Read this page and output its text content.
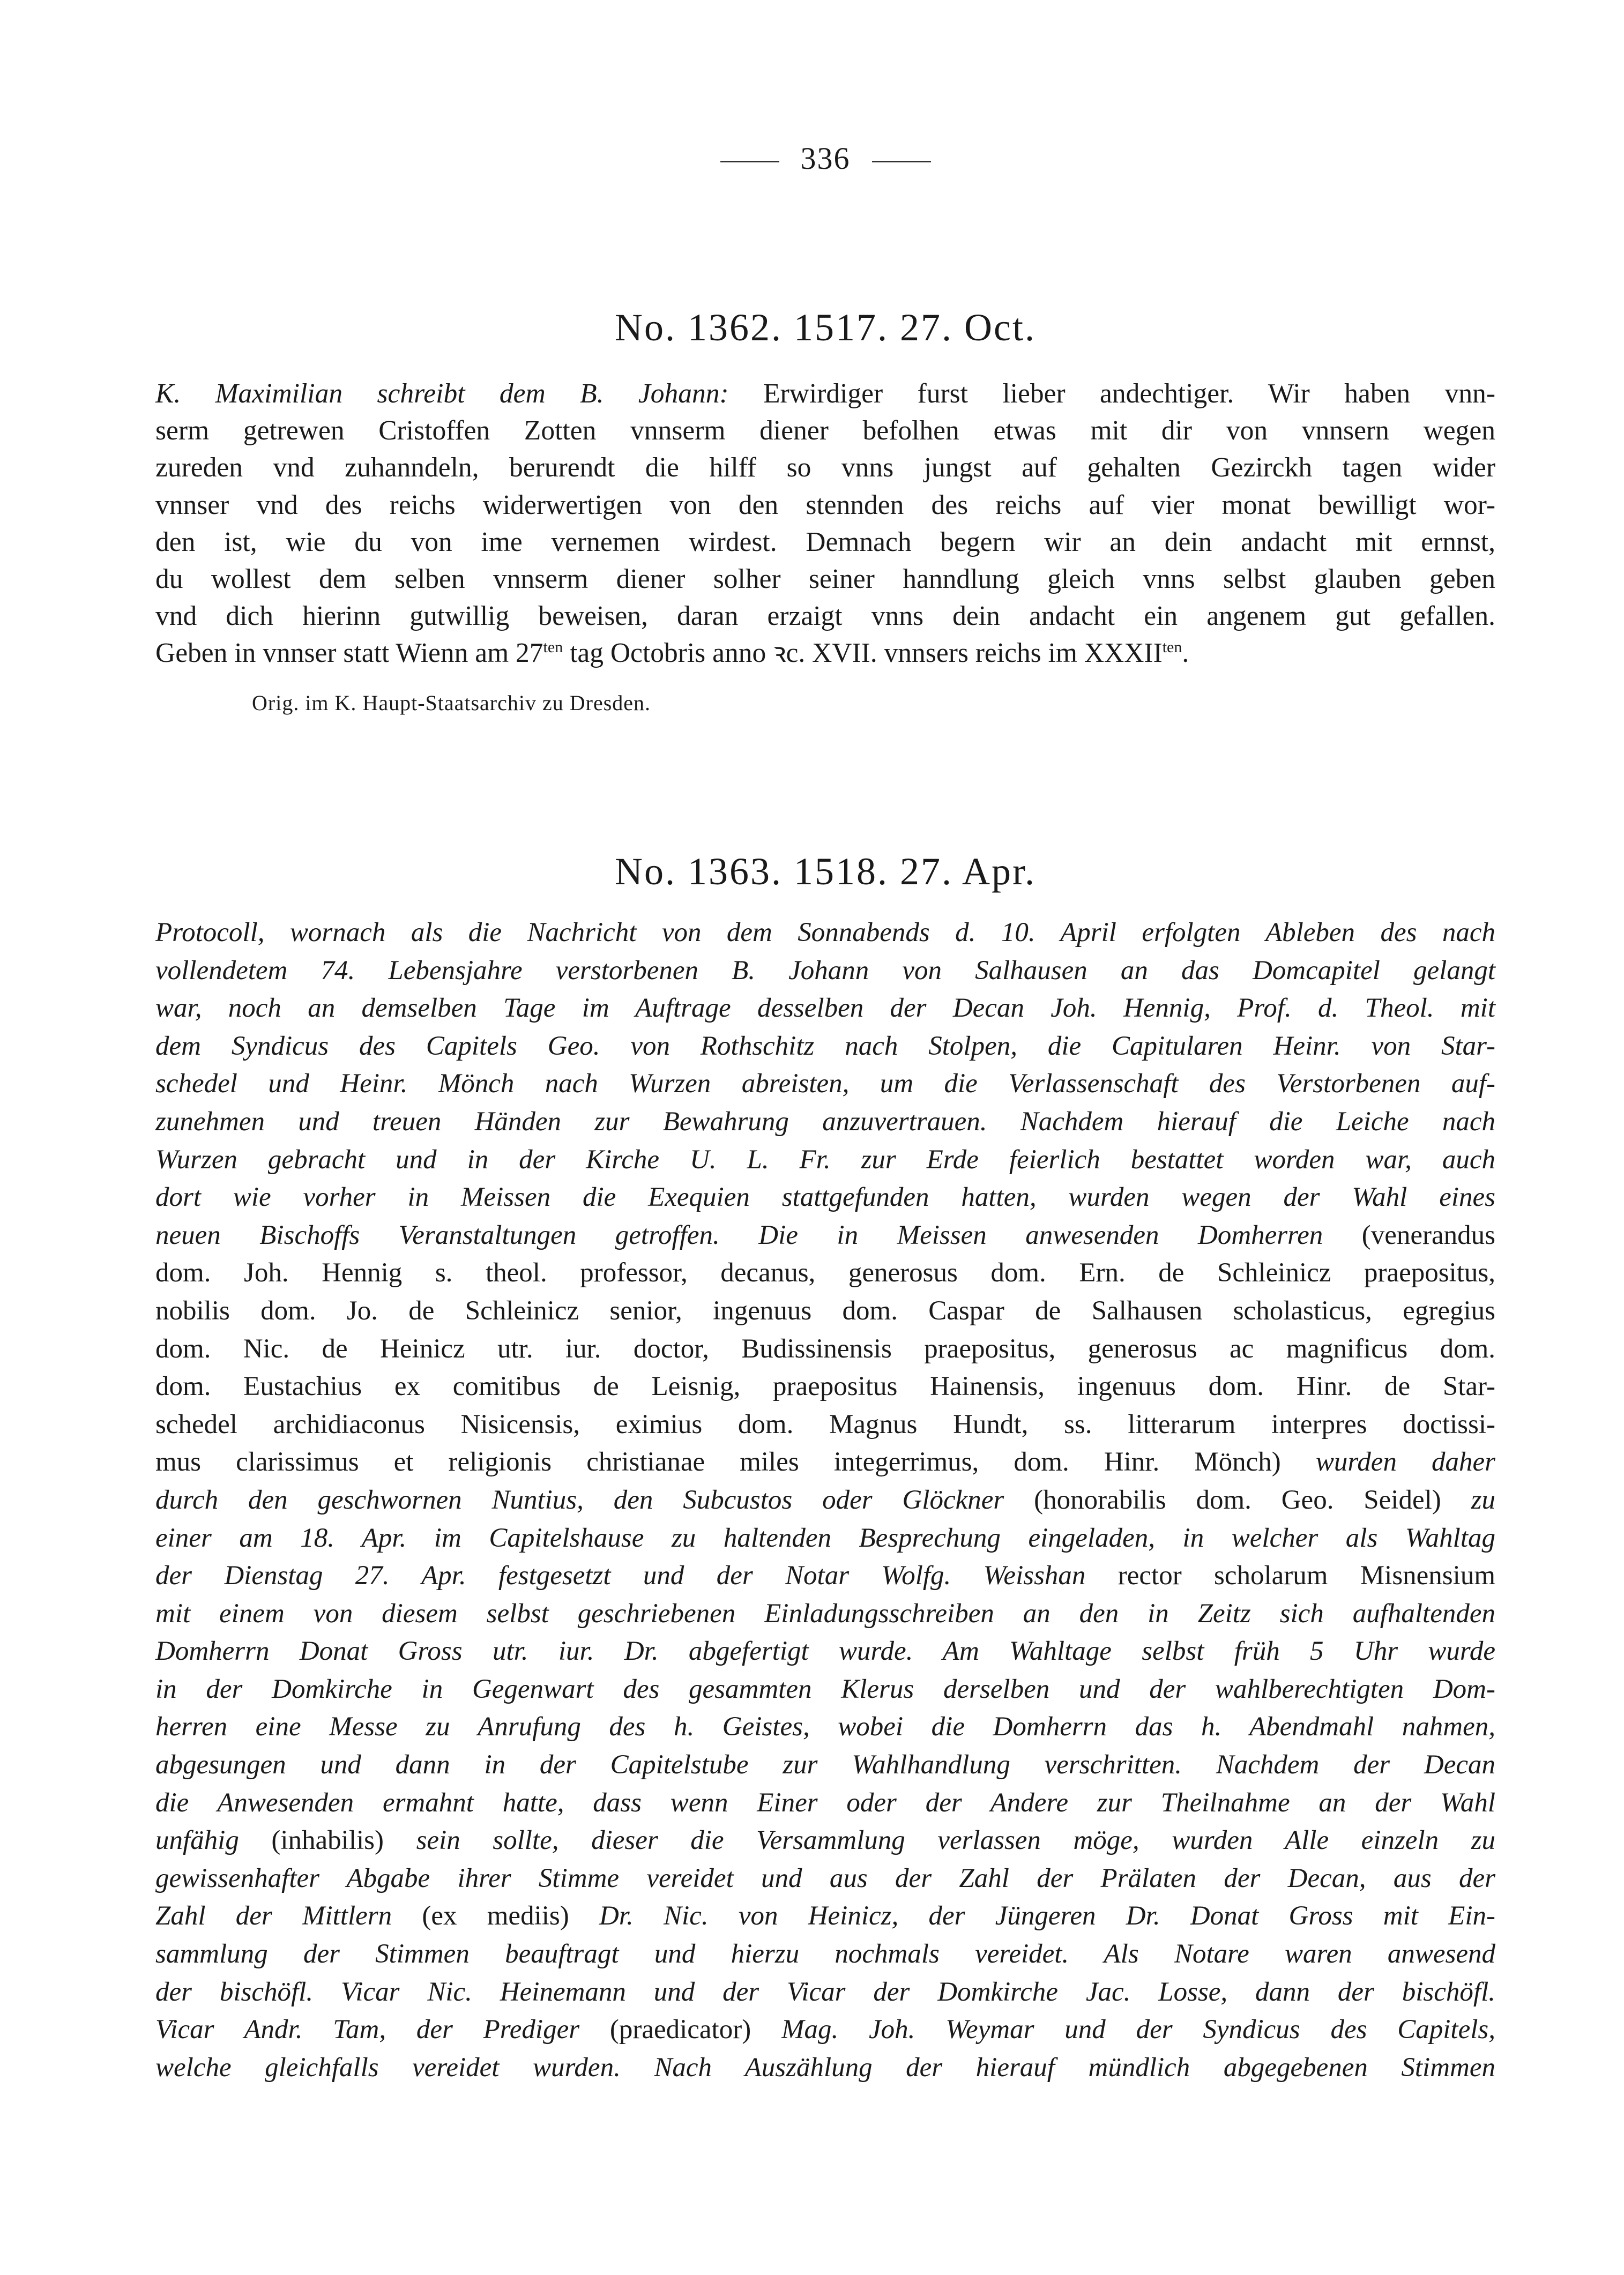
336
No. 1362. 1517. 27. Oct.
K. Maximilian schreibt dem B. Johann: Erwirdiger furst lieber andechtiger. Wir haben vnn-
serm getrewen Cristoffen Zotten vnnserm diener befolhen etwas mit dir von vnnsern wegen
zureden vnd zuhanndeln, berurendt die hilff so vnns jungst auf gehalten Gezirckh tagen wider
vnnser vnd des reichs widerwertigen von den stennden des reichs auf vier monat bewilligt wor-
den ist, wie du von ime vernemen wirdest. Demnach begern wir an dein andacht mit ernnst,
du wollest dem selben vnnserm diener solher seiner hanndlung gleich vnns selbst glauben geben
vnd dich hierinn gutwillig beweisen, daran erzaigt vnns dein andacht ein angenem gut gefallen.
Geben in vnnser statt Wienn am $27^{ten}$ tag Octobris anno ꝛc. XVII. vnnsers reichs im $XXXII^{ten}$.
Orig. im K. Haupt-Staatsarchiv zu Dresden.
No. 1363. 1518. 27. Apr.
Protocoll, wornach als die Nachricht von dem Sonnabends d. 10. April erfolgten Ableben des nach
vollendetem 74. Lebensjahre verstorbenen B. Johann von Salhausen an das Domcapitel gelangt
war, noch an demselben Tage im Auftrage desselben der Decan Joh. Hennig, Prof. d. Theol. mit
dem Syndicus des Capitels Geo. von Rothschitz nach Stolpen, die Capitularen Heinr. von Star-
schedel und Heinr. Mönch nach Wurzen abreisten, um die Verlassenschaft des Verstorbenen auf-
zunehmen und treuen Händen zur Bewahrung anzuvertrauen. Nachdem hierauf die Leiche nach
Wurzen gebracht und in der Kirche U. L. Fr. zur Erde feierlich bestattet worden war, auch
dort wie vorher in Meissen die Exequien stattgefunden hatten, wurden wegen der Wahl eines
neuen Bischoffs Veranstaltungen getroffen. Die in Meissen anwesenden Domherren (venerandus
dom. Joh. Hennig s. theol. professor, decanus, generosus dom. Ern. de Schleinicz praepositus,
nobilis dom. Jo. de Schleinicz senior, ingenuus dom. Caspar de Salhausen scholasticus, egregius
dom. Nic. de Heinicz utr. iur. doctor, Budissinensis praepositus, generosus ac magnificus dom.
dom. Eustachius ex comitibus de Leisnig, praepositus Hainensis, ingenuus dom. Hinr. de Star-
schedel archidiaconus Nisicensis, eximius dom. Magnus Hundt, ss. litterarum interpres doctissi-
mus clarissimus et religionis christianae miles integerrimus, dom. Hinr. Mönch) wurden daher
durch den geschwornen Nuntius, den Subcustos oder Glöckner (honorabilis dom. Geo. Seidel) zu
einer am 18. Apr. im Capitelshause zu haltenden Besprechung eingeladen, in welcher als Wahltag
der Dienstag 27. Apr. festgesetzt und der Notar Wolfg. Weisshan rector scholarum Misnensium
mit einem von diesem selbst geschriebenen Einladungsschreiben an den in Zeitz sich aufhaltenden
Domherrn Donat Gross utr. iur. Dr. abgefertigt wurde. Am Wahltage selbst früh 5 Uhr wurde
in der Domkirche in Gegenwart des gesammten Klerus derselben und der wahlberechtigten Dom-
herren eine Messe zu Anrufung des h. Geistes, wobei die Domherrn das h. Abendmahl nahmen,
abgesungen und dann in der Capitelstube zur Wahlhandlung verschritten. Nachdem der Decan
die Anwesenden ermahnt hatte, dass wenn Einer oder der Andere zur Theilnahme an der Wahl
unfähig (inhabilis) sein sollte, dieser die Versammlung verlassen möge, wurden Alle einzeln zu
gewissenhafter Abgabe ihrer Stimme vereidet und aus der Zahl der Prälaten der Decan, aus der
Zahl der Mittlern (ex mediis) Dr. Nic. von Heinicz, der Jüngeren Dr. Donat Gross mit Ein-
sammlung der Stimmen beauftragt und hierzu nochmals vereidet. Als Notare waren anwesend
der bischöfl. Vicar Nic. Heinemann und der Vicar der Domkirche Jac. Losse, dann der bischöfl.
Vicar Andr. Tam, der Prediger (praedicator) Mag. Joh. Weymar und der Syndicus des Capitels,
welche gleichfalls vereidet wurden. Nach Auszählung der hierauf mündlich abgegebenen Stimmen
